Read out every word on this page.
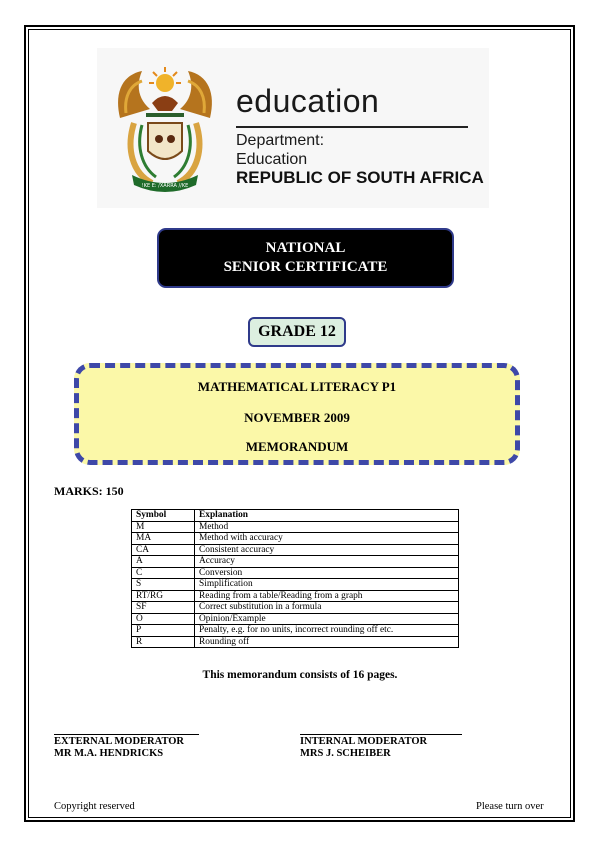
!KE E: /XARRA //KE
education
Department:
Education
REPUBLIC OF SOUTH AFRICA
NATIONAL
SENIOR CERTIFICATE
GRADE 12
MATHEMATICAL LITERACY P1
NOVEMBER 2009
MEMORANDUM
MARKS: 150
Symbol	Explanation
M	Method
MA	Method with accuracy
CA	Consistent accuracy
A	Accuracy
C	Conversion
S	Simplification
RT/RG	Reading from a table/Reading from a graph
SF	Correct substitution in a formula
O	Opinion/Example
P	Penalty, e.g. for no units, incorrect rounding off etc.
R	Rounding off
This memorandum consists of 16 pages.
EXTERNAL MODERATOR
MR M.A. HENDRICKS
INTERNAL MODERATOR
MRS J. SCHEIBER
Copyright reserved	Please turn over
